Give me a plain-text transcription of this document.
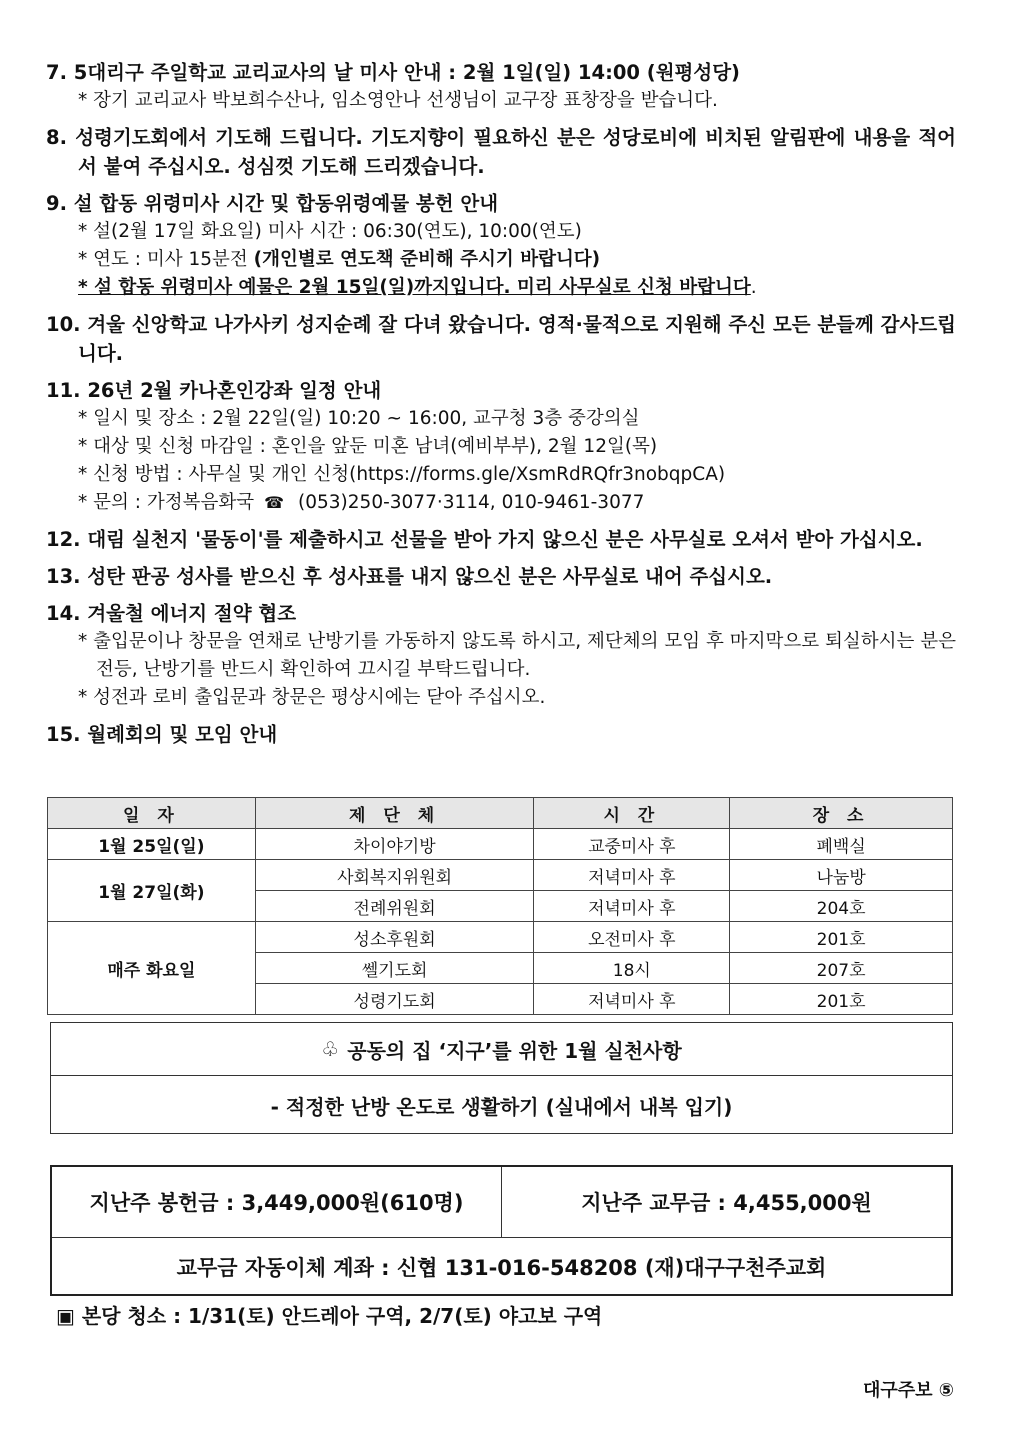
7. 5대리구 주일학교 교리교사의 날 미사 안내 : 2월 1일(일) 14:00 (원평성당)
* 장기 교리교사 박보희수산나, 임소영안나 선생님이 교구장 표창장을 받습니다.
8. 성령기도회에서 기도해 드립니다. 기도지향이 필요하신 분은 성당로비에 비치된 알림판에 내용을 적어서 붙여 주십시오. 성심껏 기도해 드리겠습니다.
9. 설 합동 위령미사 시간 및 합동위령예물 봉헌 안내
* 설(2월 17일 화요일) 미사 시간 : 06:30(연도), 10:00(연도)
* 연도 : 미사 15분전 (개인별로 연도책 준비해 주시기 바랍니다)
* 설 합동 위령미사 예물은 2월 15일(일)까지입니다. 미리 사무실로 신청 바랍니다.
10. 겨울 신앙학교 나가사키 성지순례 잘 다녀 왔습니다. 영적·물적으로 지원해 주신 모든 분들께 감사드립니다.
11. 26년 2월 카나혼인강좌 일정 안내
* 일시 및 장소 : 2월 22일(일) 10:20 ~ 16:00, 교구청 3층 중강의실
* 대상 및 신청 마감일 : 혼인을 앞둔 미혼 남녀(예비부부), 2월 12일(목)
* 신청 방법 : 사무실 및 개인 신청(https://forms.gle/XsmRdRQfr3nobqpCA)
* 문의 : 가정복음화국 ☎ (053)250-3077·3114, 010-9461-3077
12. 대림 실천지 '물동이'를 제출하시고 선물을 받아 가지 않으신 분은 사무실로 오셔서 받아 가십시오.
13. 성탄 판공 성사를 받으신 후 성사표를 내지 않으신 분은 사무실로 내어 주십시오.
14. 겨울철 에너지 절약 협조
* 출입문이나 창문을 연채로 난방기를 가동하지 않도록 하시고, 제단체의 모임 후 마지막으로 퇴실하시는 분은 전등, 난방기를 반드시 확인하여 끄시길 부탁드립니다.
* 성전과 로비 출입문과 창문은 평상시에는 닫아 주십시오.
15. 월례회의 및 모임 안내
일 자	제 단 체	시 간	장 소
1월 25일(일)	차이야기방	교중미사 후	폐백실
1월 27일(화)	사회복지위원회	저녁미사 후	나눔방
	전례위원회	저녁미사 후	204호
매주 화요일	성소후원회	오전미사 후	201호
	쎌기도회	18시	207호
	성령기도회	저녁미사 후	201호
♧ 공동의 집 ‘지구’를 위한 1월 실천사항
- 적정한 난방 온도로 생활하기 (실내에서 내복 입기)
지난주 봉헌금 : 3,449,000원(610명)	지난주 교무금 : 4,455,000원
교무금 자동이체 계좌 : 신협 131-016-548208 (재)대구구천주교회
▣ 본당 청소 : 1/31(토) 안드레아 구역, 2/7(토) 야고보 구역
대구주보 ⑤
